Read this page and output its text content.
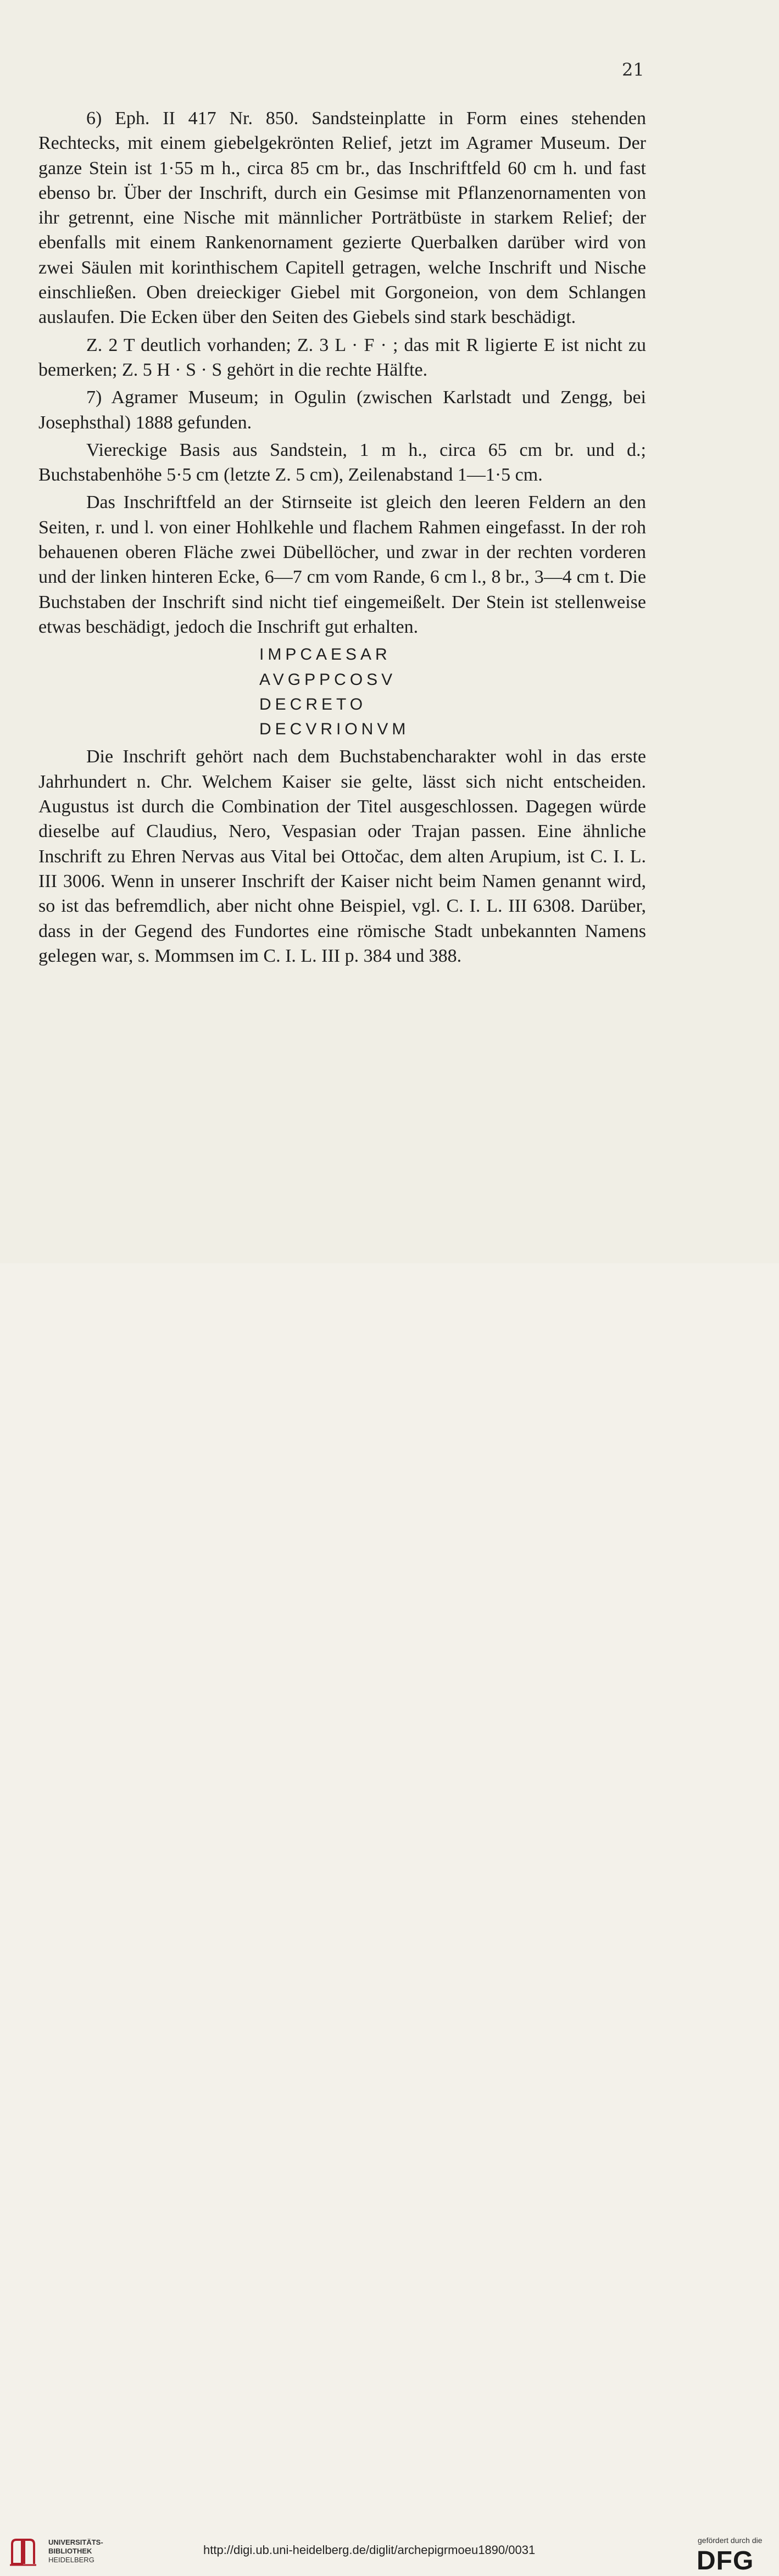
21

6) Eph. II 417 Nr. 850. Sandsteinplatte in Form eines stehenden Rechtecks, mit einem giebelgekrönten Relief, jetzt im Agramer Museum. Der ganze Stein ist 1·55 m h., circa 85 cm br., das Inschriftfeld 60 cm h. und fast ebenso br. Über der Inschrift, durch ein Gesimse mit Pflanzenornamenten von ihr getrennt, eine Nische mit männlicher Porträtbüste in starkem Relief; der ebenfalls mit einem Rankenornament gezierte Querbalken darüber wird von zwei Säulen mit korinthischem Capitell getragen, welche Inschrift und Nische einschließen. Oben dreieckiger Giebel mit Gorgoneion, von dem Schlangen auslaufen. Die Ecken über den Seiten des Giebels sind stark beschädigt.

Z. 2 T deutlich vorhanden; Z. 3 L · F · ; das mit R ligierte E ist nicht zu bemerken; Z. 5 H · S · S gehört in die rechte Hälfte.

7) Agramer Museum; in Ogulin (zwischen Karlstadt und Zengg, bei Josephsthal) 1888 gefunden.

Viereckige Basis aus Sandstein, 1 m h., circa 65 cm br. und d.; Buchstabenhöhe 5·5 cm (letzte Z. 5 cm), Zeilenabstand 1—1·5 cm.

Das Inschriftfeld an der Stirnseite ist gleich den leeren Feldern an den Seiten, r. und l. von einer Hohlkehle und flachem Rahmen eingefasst. In der roh behauenen oberen Fläche zwei Dübellöcher, und zwar in der rechten vorderen und der linken hinteren Ecke, 6—7 cm vom Rande, 6 cm l., 8 br., 3—4 cm t. Die Buchstaben der Inschrift sind nicht tief eingemeißelt. Der Stein ist stellenweise etwas beschädigt, jedoch die Inschrift gut erhalten.

IMPCAESAR
AVGPPCOSV
DECRETO
DECVRIONVM

Die Inschrift gehört nach dem Buchstabencharakter wohl in das erste Jahrhundert n. Chr. Welchem Kaiser sie gelte, lässt sich nicht entscheiden. Augustus ist durch die Combination der Titel ausgeschlossen. Dagegen würde dieselbe auf Claudius, Nero, Vespasian oder Trajan passen. Eine ähnliche Inschrift zu Ehren Nervas aus Vital bei Ottočac, dem alten Arupium, ist C. I. L. III 3006. Wenn in unserer Inschrift der Kaiser nicht beim Namen genannt wird, so ist das befremdlich, aber nicht ohne Beispiel, vgl. C. I. L. III 6308. Darüber, dass in der Gegend des Fundortes eine römische Stadt unbekannten Namens gelegen war, s. Mommsen im C. I. L. III p. 384 und 388.

UNIVERSITÄTS-
BIBLIOTHEK
HEIDELBERG
http://digi.ub.uni-heidelberg.de/diglit/archepigrmoeu1890/0031
gefördert durch die
DFG
